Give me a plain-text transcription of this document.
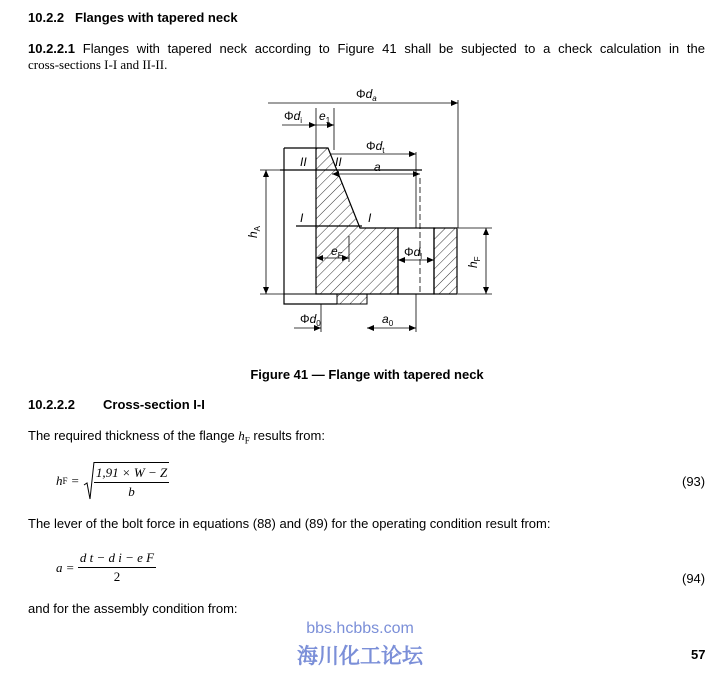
10.2.2 Flanges with tapered neck
10.2.2.1 Flanges with tapered neck according to Figure 41 shall be subjected to a check calculation in the
cross-sections I-I and II-II.
$\Phi d_a$
$\Phi d_i$ $e_1$
$\Phi d_t$
a
II II
I	I
$h_A$
$e_F$	$\Phi d_l$
$h_F$
$\Phi d_0$	$a_0$
Figure 41 — Flange with tapered neck
10.2.2.2 Cross-section I-I
The required thickness of the flange $h_F$ results from:
h $F = \frac{1,91 \times W - Z}{b}$	(93)
The lever of the bolt force in equations (88) and (89) for the operating condition result from:
$a = \frac{\text{d t − d i − e F}}{2}$	(94)
and for the assembly condition from:
bbs.hcbbs.com
海川化工论坛	57
